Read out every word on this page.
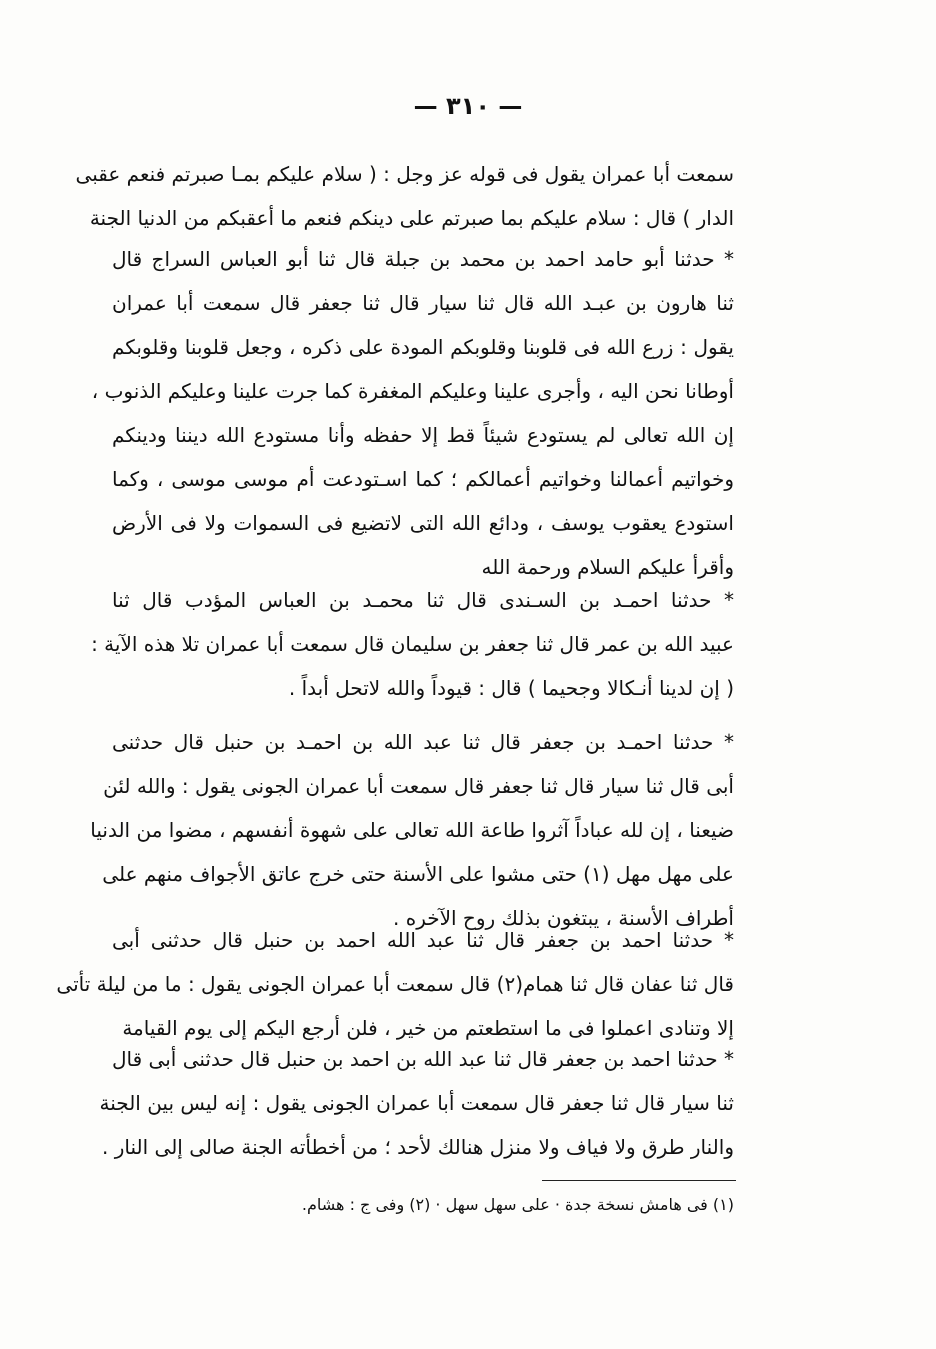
— ٣١٠ —
سمعت أبا عمران يقول فى قوله عز وجل : ( سلام عليكم بمـا صبرتم فنعم عقبى
الدار ) قال : سلام عليكم بما صبرتم على دينكم فنعم ما أعقبكم من الدنيا الجنة
* حدثنا أبو حامد احمد بن محمد بن جبلة قال ثنا أبو العباس السراج قال
ثنا هارون بن عبـد الله قال ثنا سيار قال ثنا جعفر قال سمعت أبا عمران
يقول : زرع الله فى قلوبنا وقلوبكم المودة على ذكره ، وجعل قلوبنا وقلوبكم
أوطانا نحن اليه ، وأجرى علينا وعليكم المغفرة كما جرت علينا وعليكم الذنوب ،
إن الله تعالى لم يستودع شيئاً قط إلا حفظه وأنا مستودع الله ديننا ودينكم
وخواتيم أعمالنا وخواتيم أعمالكم ؛ كما اسـتودعت أم موسى موسى ، وكما
استودع يعقوب يوسف ، ودائع الله التى لاتضيع فى السموات ولا فى الأرض
وأقرأ عليكم السلام ورحمة الله
* حدثنا احمـد بن السـندى قال ثنا محمـد بن العباس المؤدب قال ثنا
عبيد الله بن عمر قال ثنا جعفر بن سليمان قال سمعت أبا عمران تلا هذه الآية :
( إن لدينا أنـكالا وجحيما ) قال : قيوداً والله لاتحل أبداً .
* حدثنا احمـد بن جعفر قال ثنا عبد الله بن احمـد بن حنبل قال حدثنى
أبى قال ثنا سيار قال ثنا جعفر قال سمعت أبا عمران الجونى يقول : والله لئن
ضيعنا ، إن لله عباداً آثروا طاعة الله تعالى على شهوة أنفسهم ، مضوا من الدنيا
على مهل مهل (١) حتى مشوا على الأسنة حتى خرج عاتق الأجواف منهم على
أطراف الأسنة ، يبتغون بذلك روح الآخره .
* حدثنا احمد بن جعفر قال ثنا عبد الله احمد بن حنبل قال حدثنى أبى
قال ثنا عفان قال ثنا همام(٢) قال سمعت أبا عمران الجونى يقول : ما من ليلة تأتى
إلا وتنادى اعملوا فى ما استطعتم من خير ، فلن أرجع اليكم إلى يوم القيامة
* حدثنا احمد بن جعفر قال ثنا عبد الله بن احمد بن حنبل قال حدثنى أبى قال
ثنا سيار قال ثنا جعفر قال سمعت أبا عمران الجونى يقول : إنه ليس بين الجنة
والنار طرق ولا فياف ولا منزل هنالك لأحد ؛ من أخطأته الجنة صالى إلى النار .
(١) فى هامش نسخة جدة · على سهل سهل · (٢) وفى ج : هشام.
